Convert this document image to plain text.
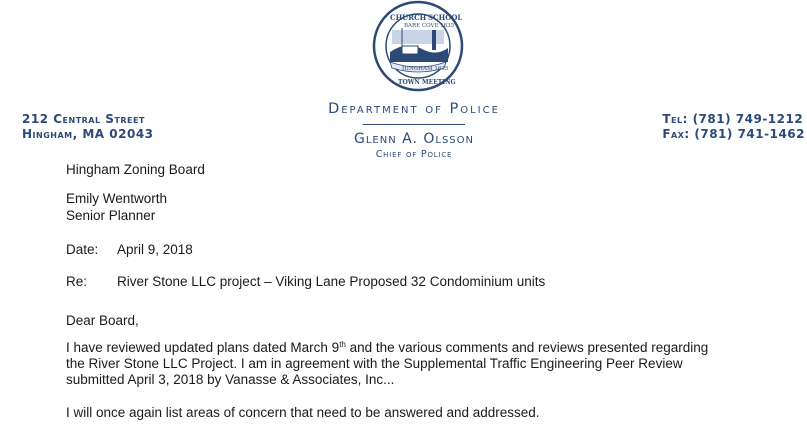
CHURCH SCHOOL
BARE COVE 1635
HINGHAM 1635
TOWN MEETING
212 Central Street
Hingham, MA 02043
Department of Police
Glenn A. Olsson
Chief of Police
Tel: (781) 749-1212
Fax: (781) 741-1462
Hingham Zoning Board
Emily Wentworth
Senior Planner
Date: April 9, 2018
Re: River Stone LLC project – Viking Lane Proposed 32 Condominium units
Dear Board,
I have reviewed updated plans dated March 9th and the various comments and reviews presented regarding
the River Stone LLC Project. I am in agreement with the Supplemental Traffic Engineering Peer Review
submitted April 3, 2018 by Vanasse & Associates, Inc...
I will once again list areas of concern that need to be answered and addressed.
